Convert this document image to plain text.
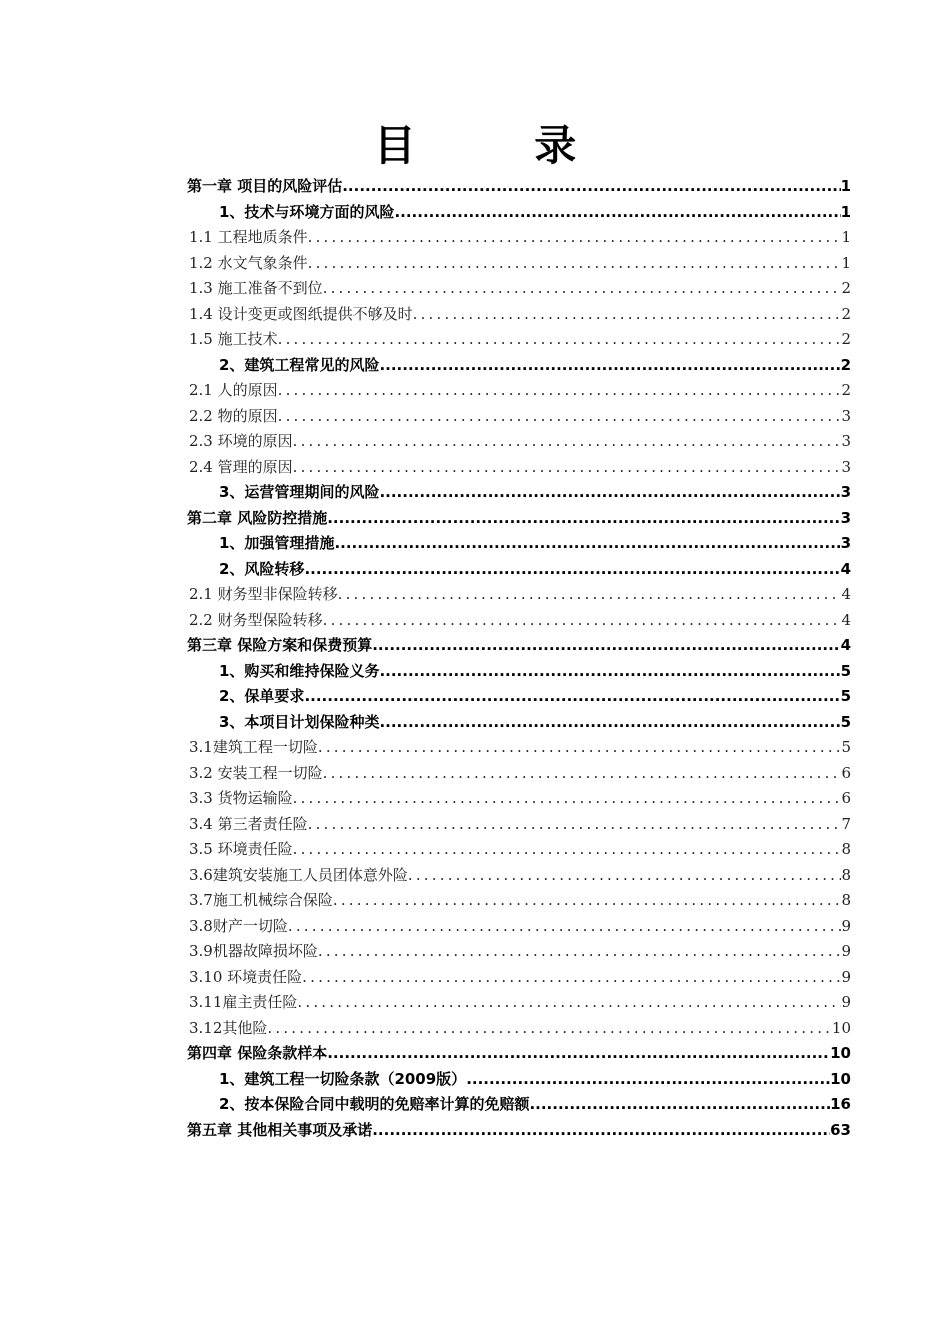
目 录
第一章 项目的风险评估 .....	1
1、技术与环境方面的风险 .....	1
1.1 工程地质条件 .....	1
1.2 水文气象条件 .....	1
1.3 施工准备不到位 .....	2
1.4 设计变更或图纸提供不够及时 .....	2
1.5 施工技术 .....	2
2、建筑工程常见的风险 .....	2
2.1 人的原因 .....	2
2.2 物的原因 .....	3
2.3 环境的原因 .....	3
2.4 管理的原因 .....	3
3、运营管理期间的风险 .....	3
第二章 风险防控措施 .....	3
1、加强管理措施 .....	3
2、风险转移 .....	4
2.1 财务型非保险转移 .....	4
2.2 财务型保险转移 .....	4
第三章 保险方案和保费预算 .....	4
1、购买和维持保险义务 .....	5
2、保单要求 .....	5
3、本项目计划保险种类 .....	5
3.1建筑工程一切险 .....	5
3.2 安装工程一切险 .....	6
3.3 货物运输险 .....	6
3.4 第三者责任险 .....	7
3.5 环境责任险 .....	8
3.6建筑安装施工人员团体意外险 .....	8
3.7施工机械综合保险 .....	8
3.8财产一切险 .....	9
3.9机器故障损坏险 .....	9
3.10 环境责任险 .....	9
3.11雇主责任险 .....	9
3.12其他险 .....	10
第四章 保险条款样本 .....	10
1、建筑工程一切险条款（2009版） .....	10
2、按本保险合同中载明的免赔率计算的免赔额 .....	16
第五章 其他相关事项及承诺 .....	63
